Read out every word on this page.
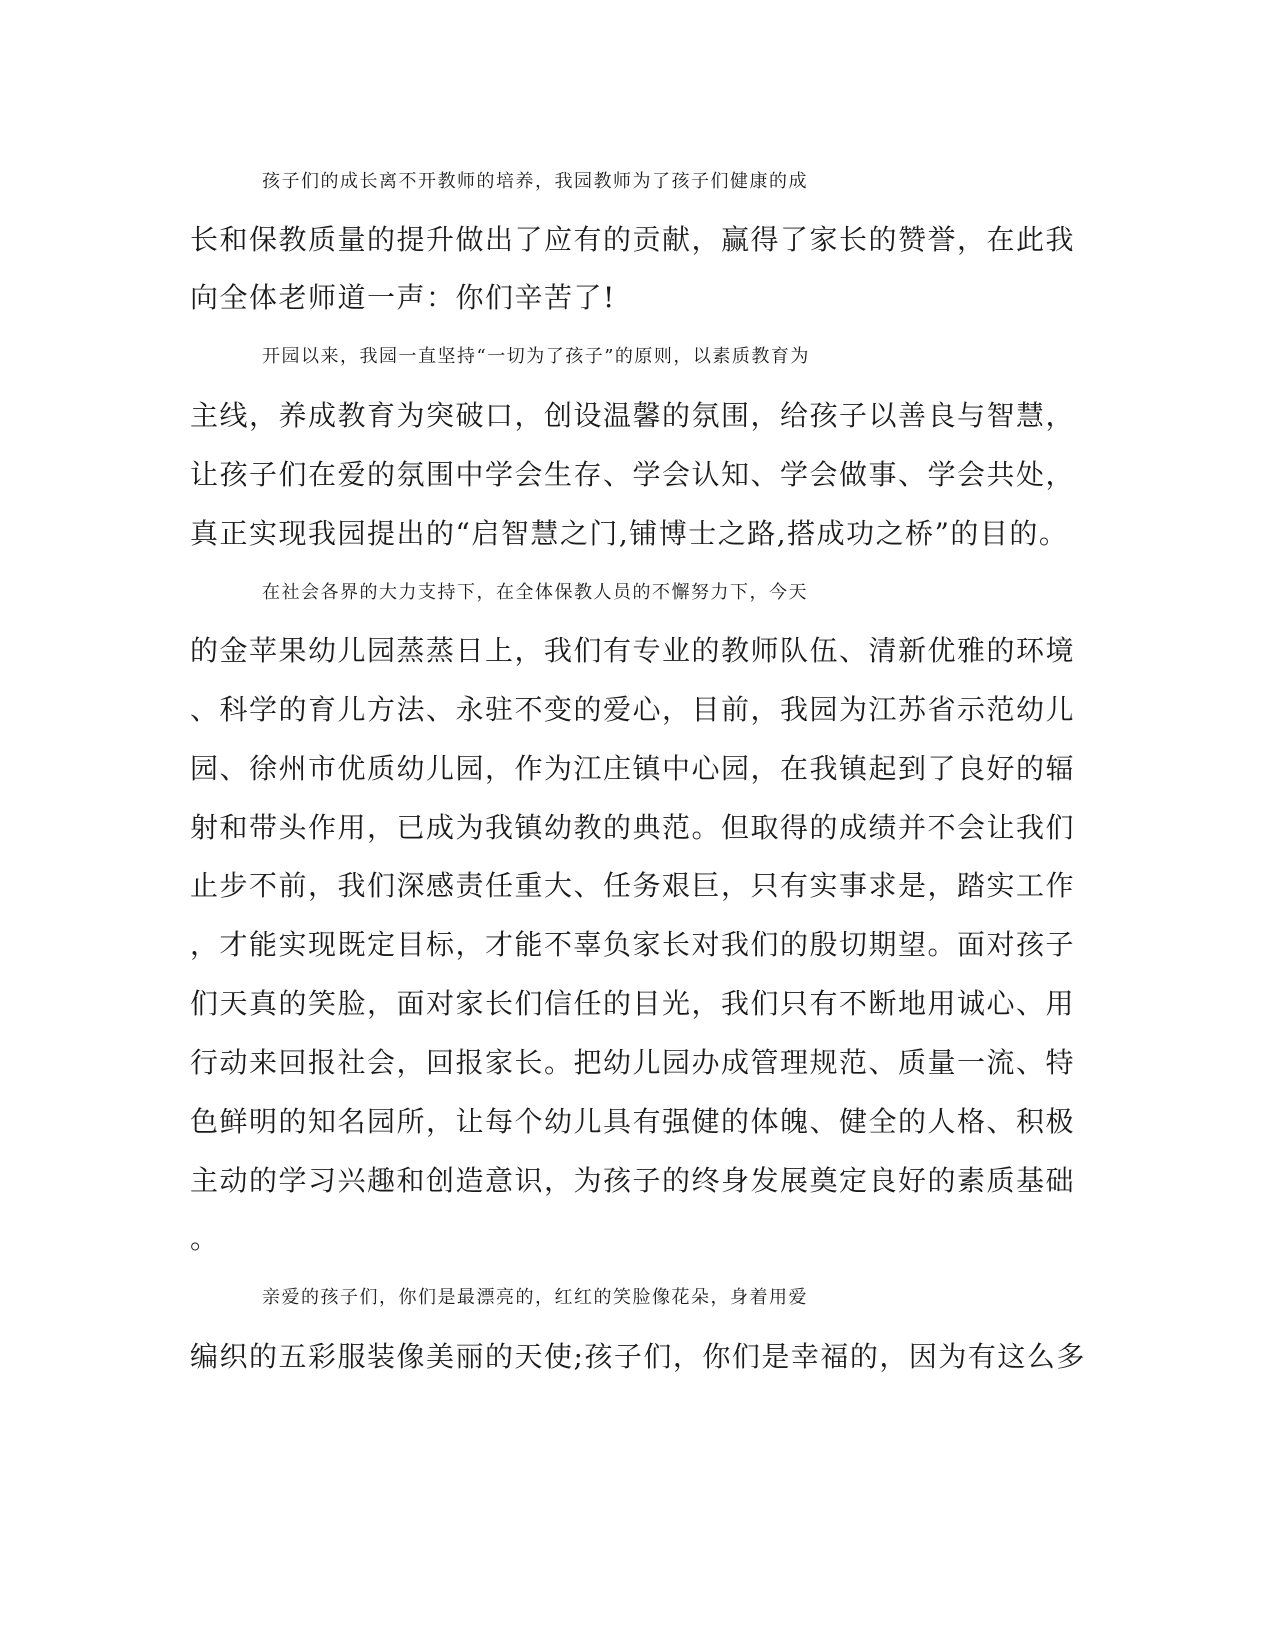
孩子们的成长离不开教师的培养，我园教师为了孩子们健康的成
长和保教质量的提升做出了应有的贡献，赢得了家长的赞誉，在此我
向全体老师道一声：你们辛苦了!
开园以来，我园一直坚持“一切为了孩子”的原则，以素质教育为
主线，养成教育为突破口，创设温馨的氛围，给孩子以善良与智慧，
让孩子们在爱的氛围中学会生存、学会认知、学会做事、学会共处，
真正实现我园提出的“启智慧之门,铺博士之路,搭成功之桥”的目的。
在社会各界的大力支持下，在全体保教人员的不懈努力下，今天
的金苹果幼儿园蒸蒸日上，我们有专业的教师队伍、清新优雅的环境
、科学的育儿方法、永驻不变的爱心，目前，我园为江苏省示范幼儿
园、徐州市优质幼儿园，作为江庄镇中心园，在我镇起到了良好的辐
射和带头作用，已成为我镇幼教的典范。但取得的成绩并不会让我们
止步不前，我们深感责任重大、任务艰巨，只有实事求是，踏实工作
，才能实现既定目标，才能不辜负家长对我们的殷切期望。面对孩子
们天真的笑脸，面对家长们信任的目光，我们只有不断地用诚心、用
行动来回报社会，回报家长。把幼儿园办成管理规范、质量一流、特
色鲜明的知名园所，让每个幼儿具有强健的体魄、健全的人格、积极
主动的学习兴趣和创造意识，为孩子的终身发展奠定良好的素质基础
。
亲爱的孩子们，你们是最漂亮的，红红的笑脸像花朵，身着用爱
编织的五彩服装像美丽的天使;孩子们，你们是幸福的，因为有这么多
